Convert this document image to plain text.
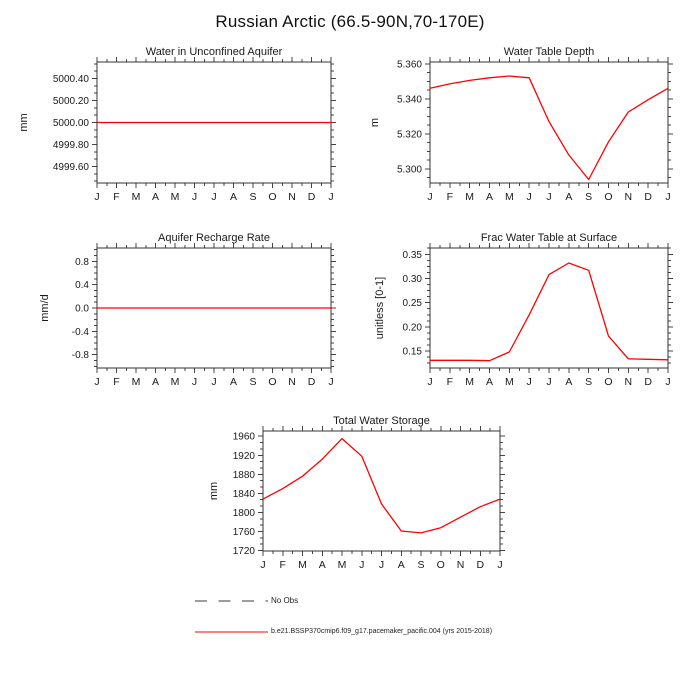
Russian Arctic (66.5-90N,70-170E)
J F M A M J J A S O N D J
4999.60
4999.80
5000.00
5000.20
5000.40
Water in Unconfined Aquifer
mm
J F M A M J J A S O N D J
5.300
5.320
5.340
5.360
Water Table Depth
m
J F M A M J J A S O N D J
-0.8
-0.4
0.0
0.4
0.8
Aquifer Recharge Rate
mm/d
J F M A M J J A S O N D J
0.15
0.20
0.25
0.30
0.35
Frac Water Table at Surface
unitless [0-1]
J F M A M J J A S O N D J
1720
1760
1800
1840
1880
1920
1960
Total Water Storage
mm
No Obs
b.e21.BSSP370cmip6.f09_g17.pacemaker_pacific.004 (yrs 2015-2018)
